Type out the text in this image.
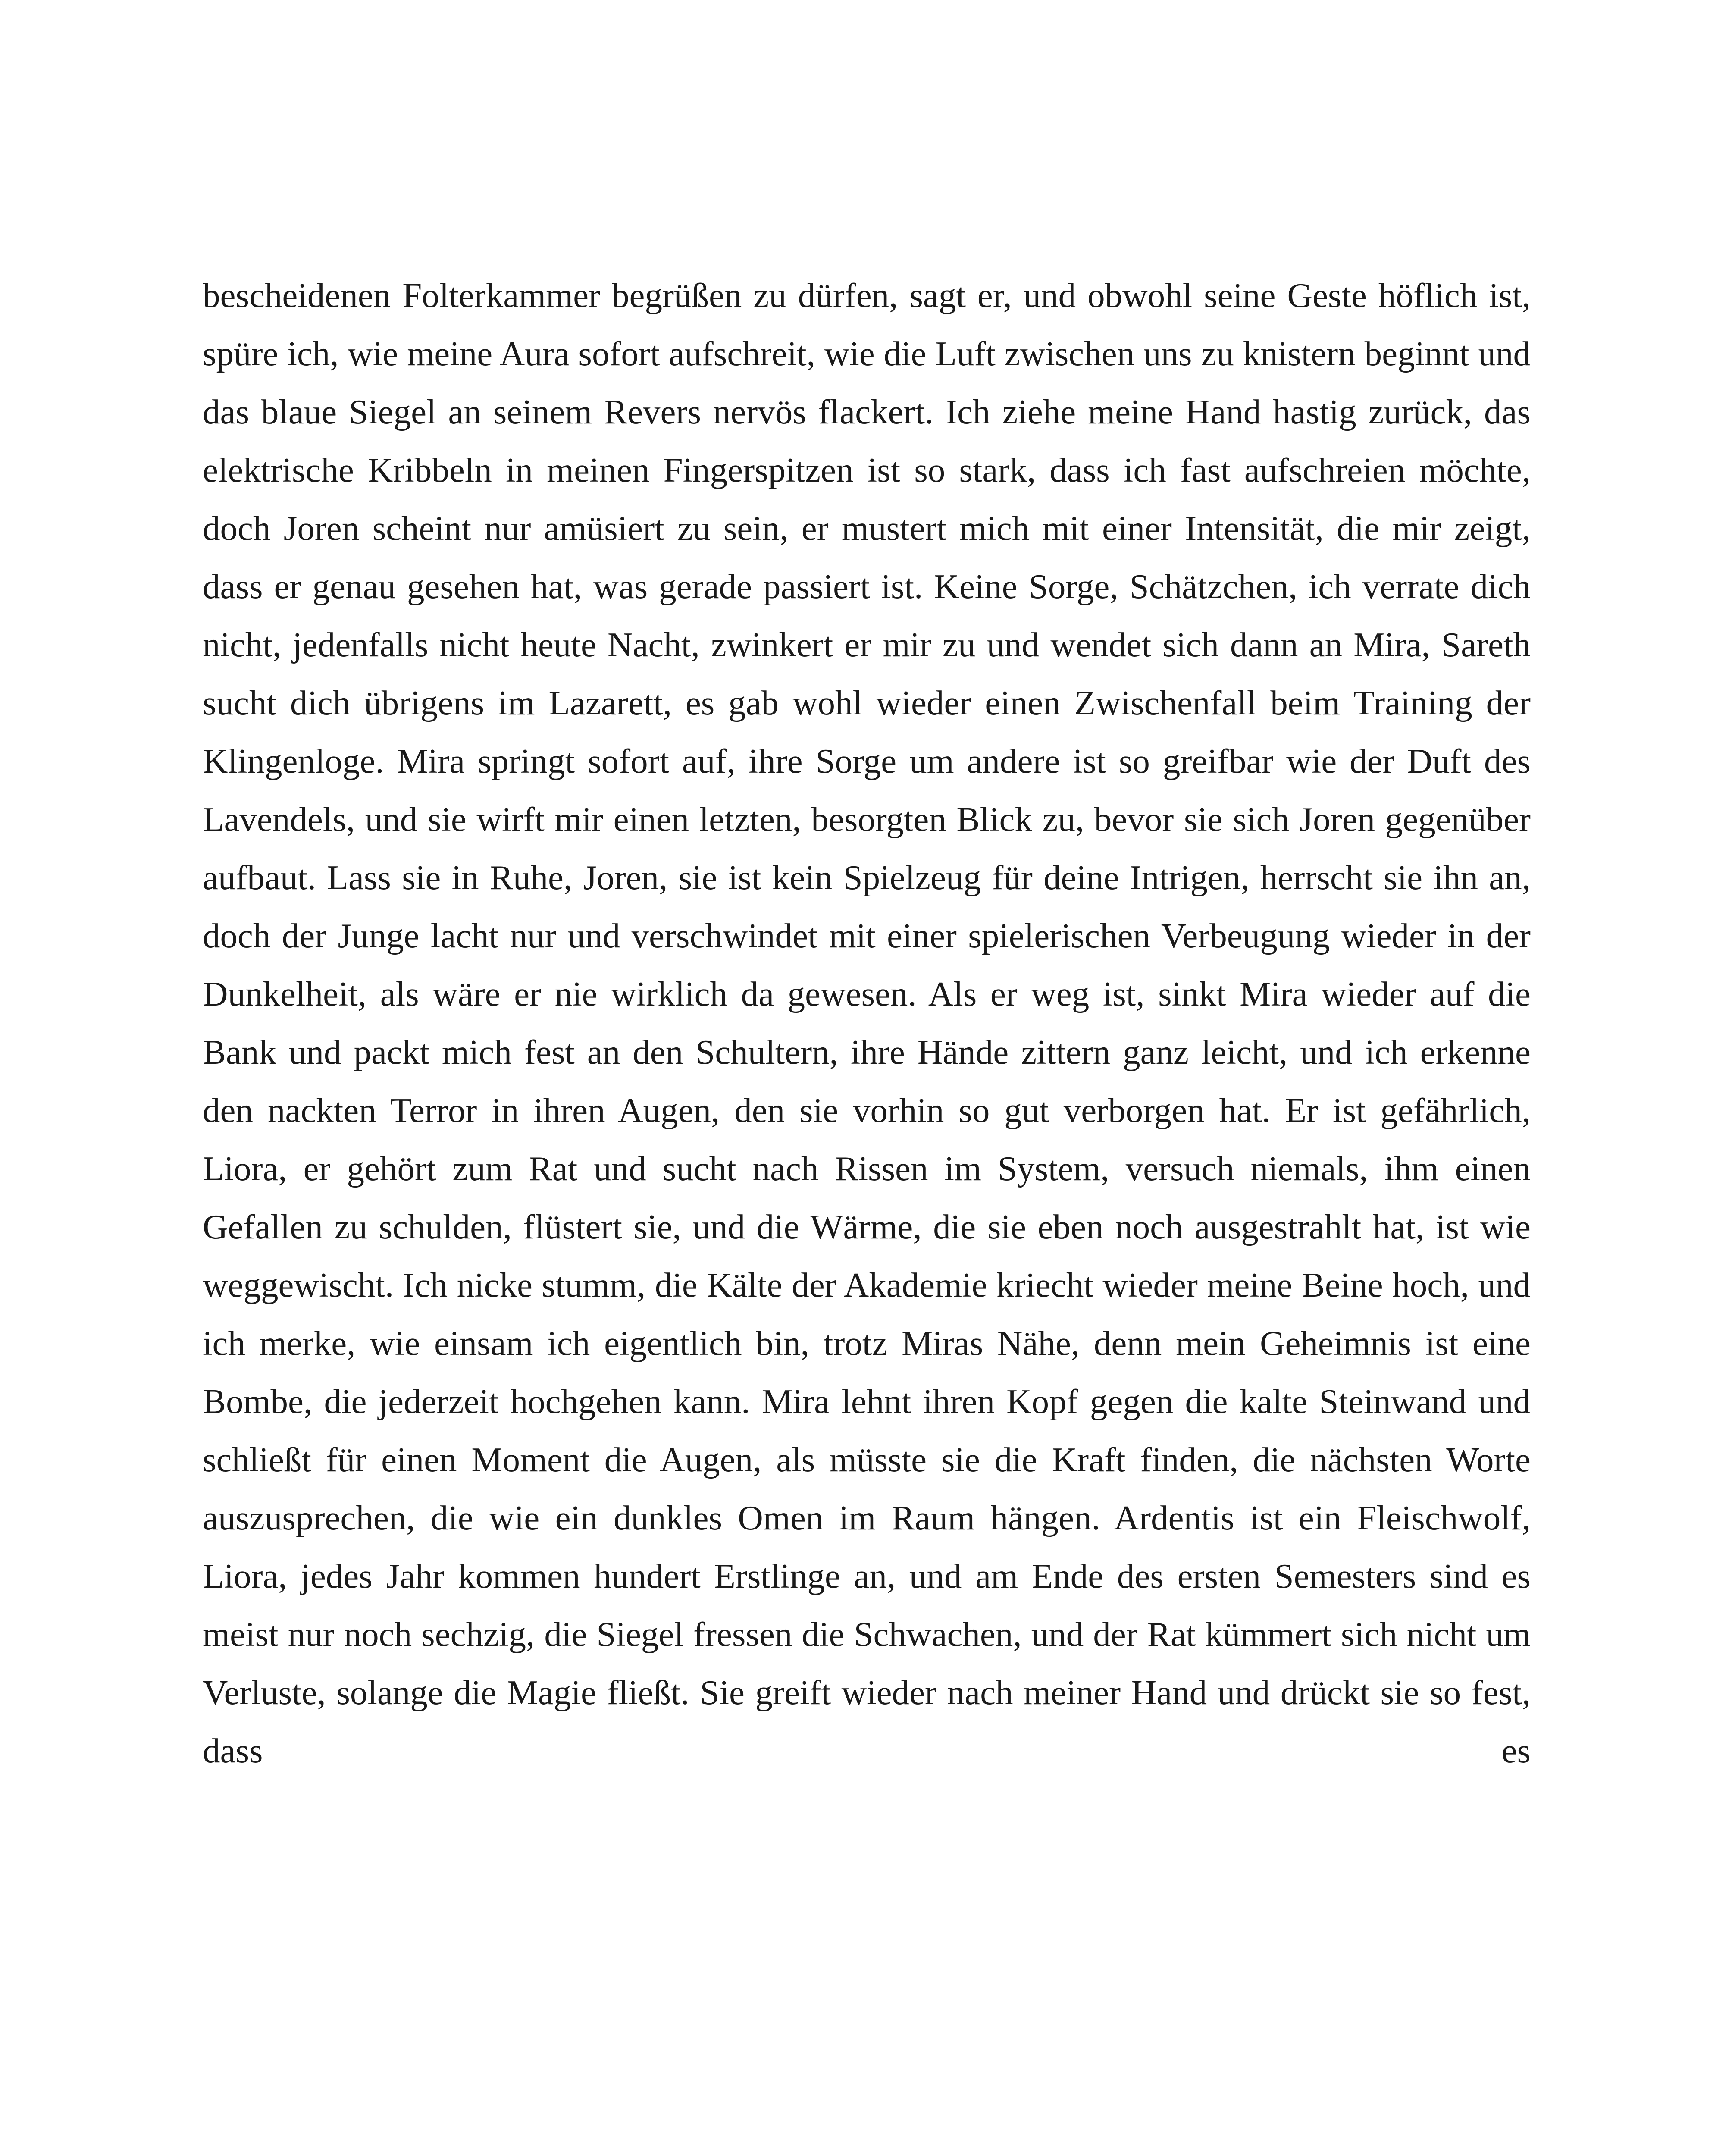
bescheidenen Folterkammer begrüßen zu dürfen, sagt er, und obwohl seine Geste höflich ist, spüre ich, wie meine Aura sofort aufschreit, wie die Luft zwischen uns zu knistern beginnt und das blaue Siegel an seinem Revers nervös flackert. Ich ziehe meine Hand hastig zurück, das elektrische Kribbeln in meinen Fingerspitzen ist so stark, dass ich fast aufschreien möchte, doch Joren scheint nur amüsiert zu sein, er mustert mich mit einer Intensität, die mir zeigt, dass er genau gesehen hat, was gerade passiert ist. Keine Sorge, Schätzchen, ich verrate dich nicht, jedenfalls nicht heute Nacht, zwinkert er mir zu und wendet sich dann an Mira, Sareth sucht dich übrigens im Lazarett, es gab wohl wieder einen Zwischenfall beim Training der Klingenloge. Mira springt sofort auf, ihre Sorge um andere ist so greifbar wie der Duft des Lavendels, und sie wirft mir einen letzten, besorgten Blick zu, bevor sie sich Joren gegenüber aufbaut. Lass sie in Ruhe, Joren, sie ist kein Spielzeug für deine Intrigen, herrscht sie ihn an, doch der Junge lacht nur und verschwindet mit einer spielerischen Verbeugung wieder in der Dunkelheit, als wäre er nie wirklich da gewesen. Als er weg ist, sinkt Mira wieder auf die Bank und packt mich fest an den Schultern, ihre Hände zittern ganz leicht, und ich erkenne den nackten Terror in ihren Augen, den sie vorhin so gut verborgen hat. Er ist gefährlich, Liora, er gehört zum Rat und sucht nach Rissen im System, versuch niemals, ihm einen Gefallen zu schulden, flüstert sie, und die Wärme, die sie eben noch ausgestrahlt hat, ist wie weggewischt. Ich nicke stumm, die Kälte der Akademie kriecht wieder meine Beine hoch, und ich merke, wie einsam ich eigentlich bin, trotz Miras Nähe, denn mein Geheimnis ist eine Bombe, die jederzeit hochgehen kann. Mira lehnt ihren Kopf gegen die kalte Steinwand und schließt für einen Moment die Augen, als müsste sie die Kraft finden, die nächsten Worte auszusprechen, die wie ein dunkles Omen im Raum hängen. Ardentis ist ein Fleischwolf, Liora, jedes Jahr kommen hundert Erstlinge an, und am Ende des ersten Semesters sind es meist nur noch sechzig, die Siegel fressen die Schwachen, und der Rat kümmert sich nicht um Verluste, solange die Magie fließt. Sie greift wieder nach meiner Hand und drückt sie so fest, dass es
